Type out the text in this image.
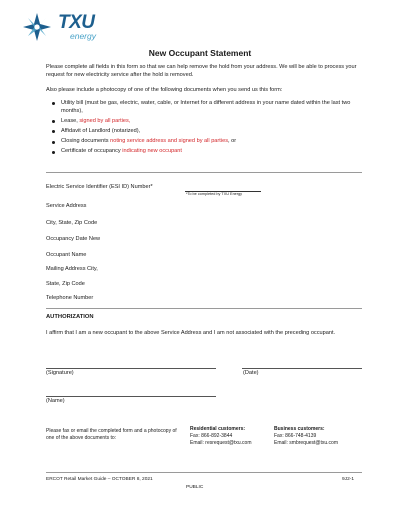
TXU
energy
New Occupant Statement
Please complete all fields in this form so that we can help remove the hold from your address. We will be able to process your request for new electricity service after the hold is removed.
Also please include a photocopy of one of the following documents when you send us this form:
Utility bill (must be gas, electric, water, cable, or Internet for a different address in your name dated within the last two months),
Lease, signed by all parties,
Affidavit of Landlord (notarized),
Closing documents noting service address and signed by all parties, or
Certificate of occupancy indicating new occupant
Electric Service Identifier (ESI ID) Number*
*To be completed by TXU Energy
Service Address
City, State, Zip Code
Occupancy Date New
Occupant Name
Mailing Address City,
State, Zip Code
Telephone Number
AUTHORIZATION
I affirm that I am a new occupant to the above Service Address and I am not associated with the preceding occupant.
(Signature)	(Date)
(Name)
Please fax or email the completed form and a photocopy of one of the above documents to:
Residential customers:
Fax: 866-892-3844
Email: resrequest@txu.com
Business customers:
Fax: 866-748-4139
Email: smbrequest@txu.com
ERCOT Retail Market Guide – OCTOBER 8, 2021
PUBLIC
9J2-1
